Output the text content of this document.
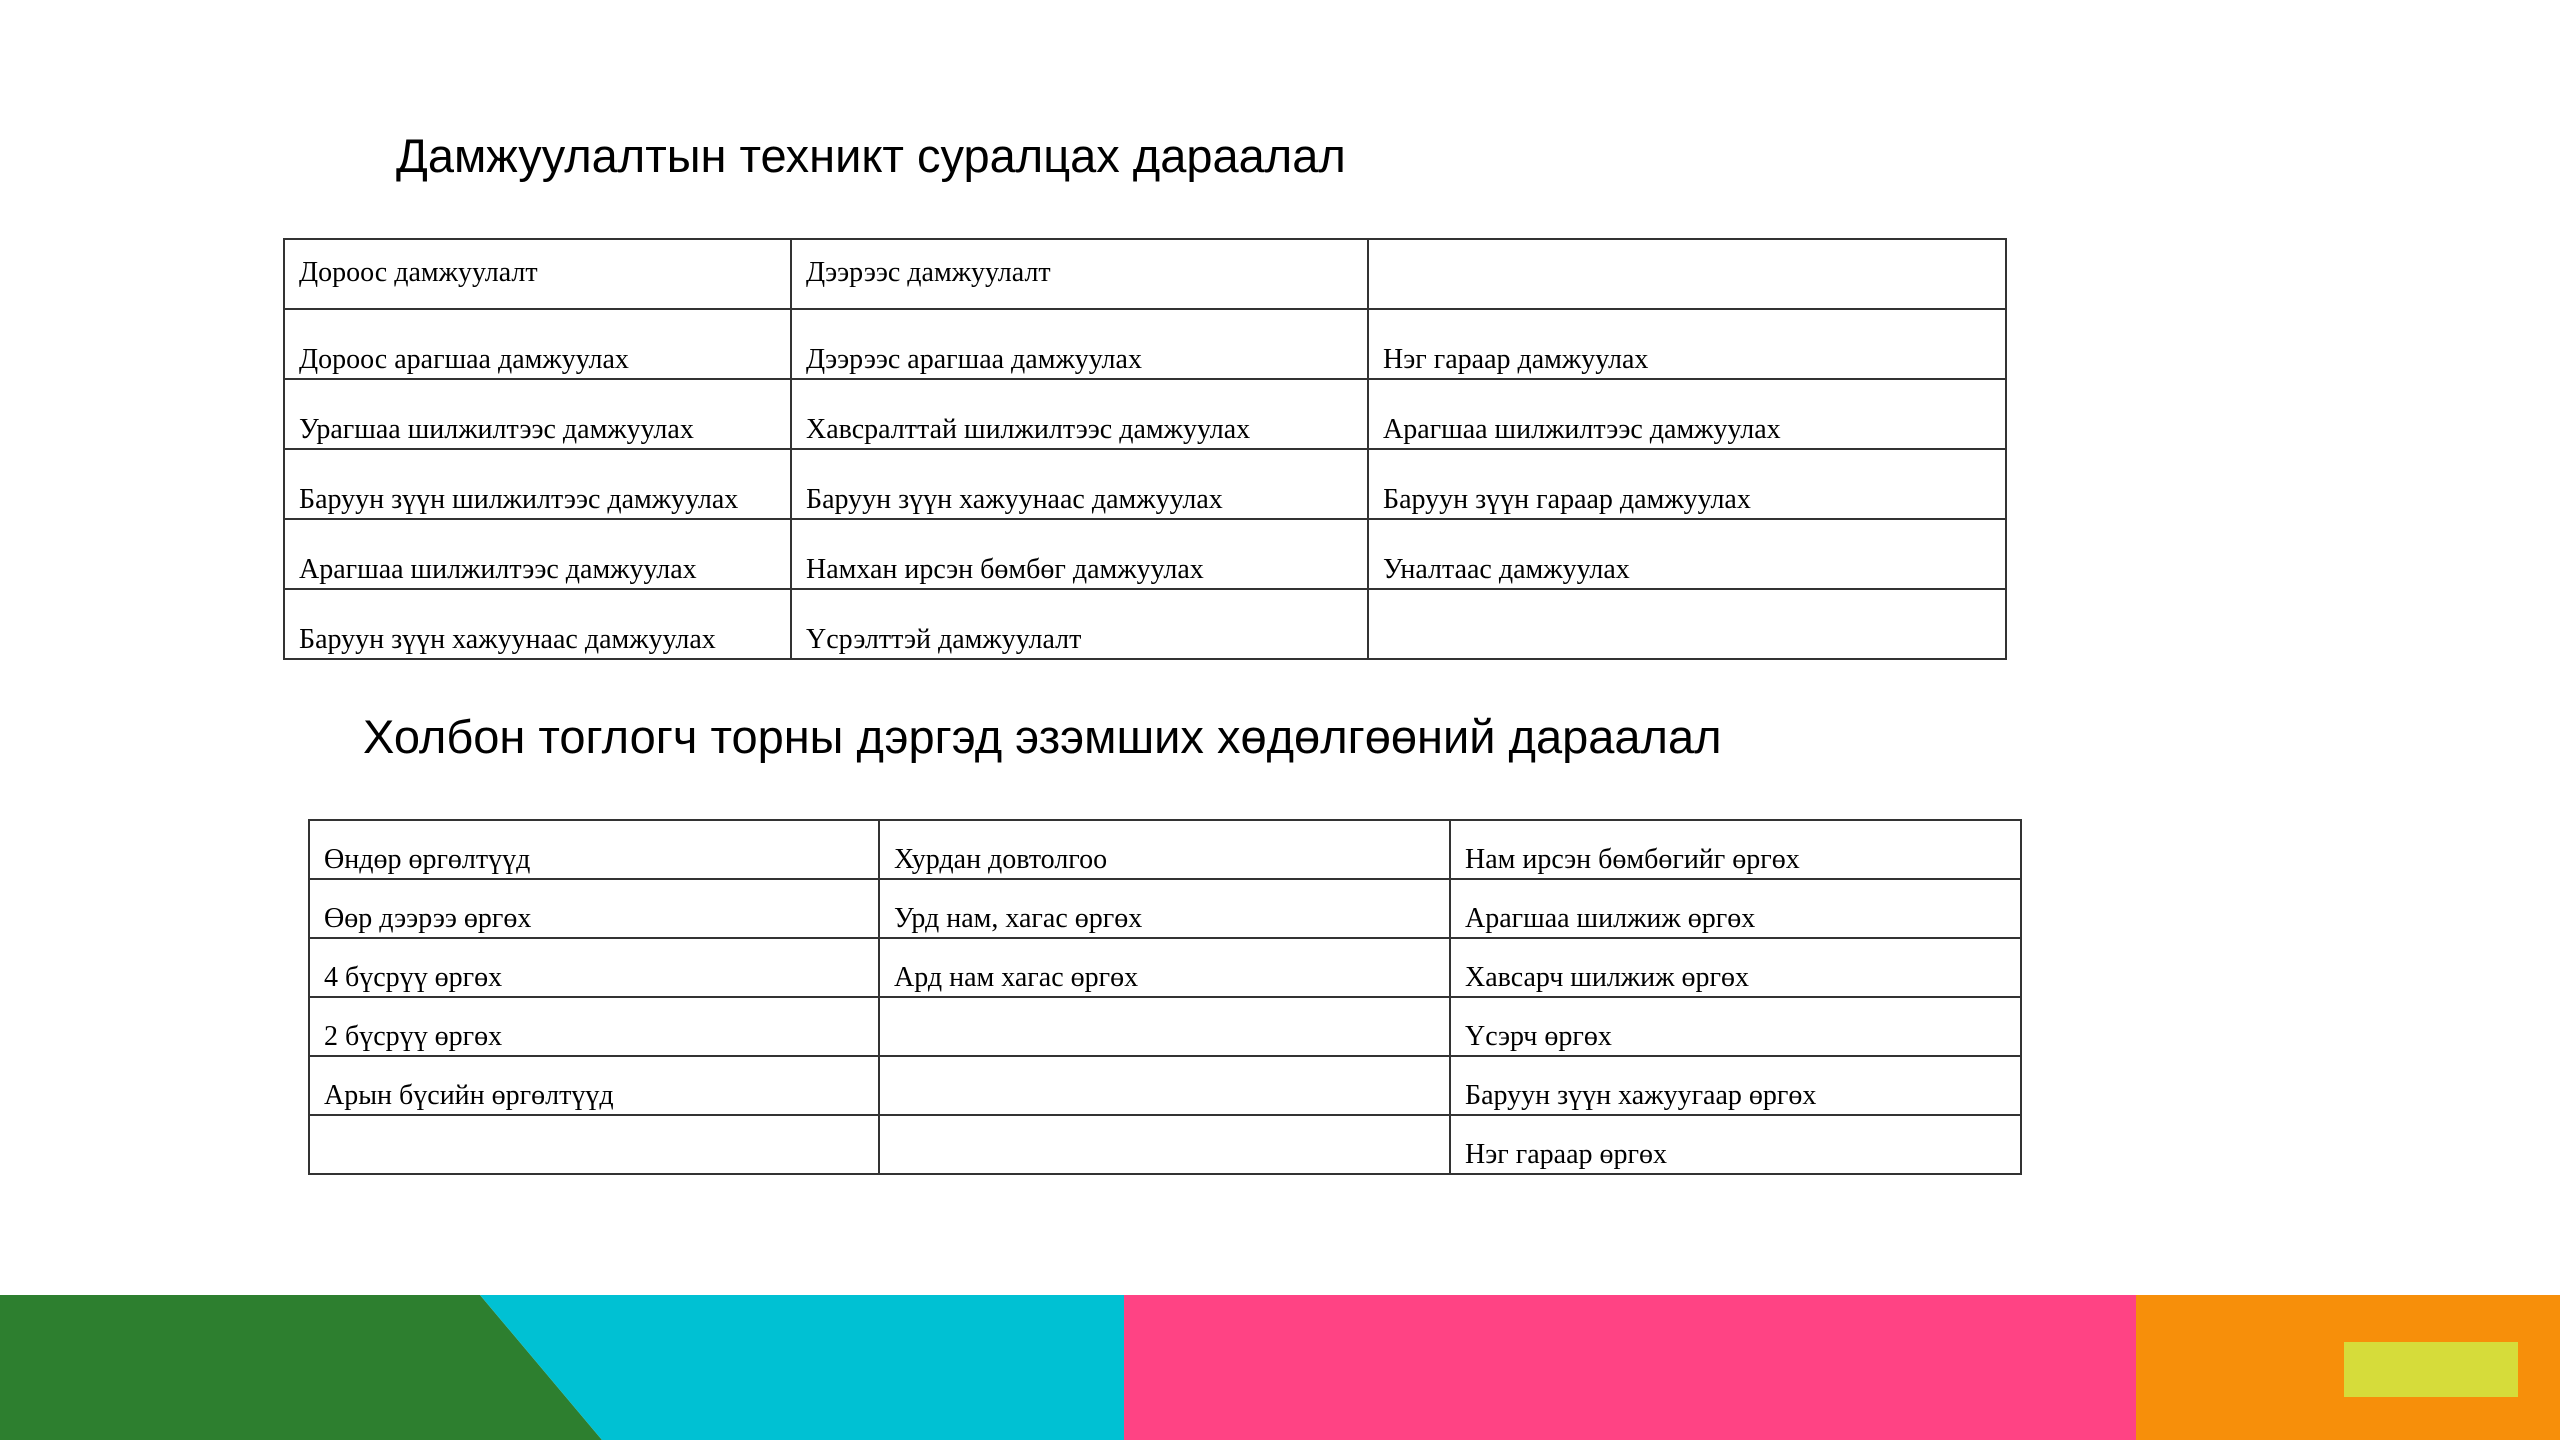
Дамжуулалтын техникт суралцах дараалал
Дороос дамжуулалт	Дээрээс дамжуулалт	
Дороос арагшаа дамжуулах	Дээрээс арагшаа дамжуулах	Нэг гараар дамжуулах
Урагшаа шилжилтээс дамжуулах	Хавсралттай шилжилтээс дамжуулах	Арагшаа шилжилтээс дамжуулах
Баруун зүүн шилжилтээс дамжуулах	Баруун зүүн хажуунаас дамжуулах	Баруун зүүн гараар дамжуулах
Арагшаа шилжилтээс дамжуулах	Намхан ирсэн бөмбөг дамжуулах	Уналтаас дамжуулах
Баруун зүүн хажуунаас дамжуулах	Үсрэлттэй дамжуулалт	
Холбон тоглогч торны дэргэд эзэмших хөдөлгөөний дараалал
Өндөр өргөлтүүд	Хурдан довтолгоо	Нам ирсэн бөмбөгийг өргөх
Өөр дээрээ өргөх	Урд нам, хагас өргөх	Арагшаа шилжиж өргөх
4 бүсрүү өргөх	Ард нам хагас өргөх	Хавсарч шилжиж өргөх
2 бүсрүү өргөх		Үсэрч өргөх
Арын бүсийн өргөлтүүд		Баруун зүүн хажуугаар өргөх
		Нэг гараар өргөх
